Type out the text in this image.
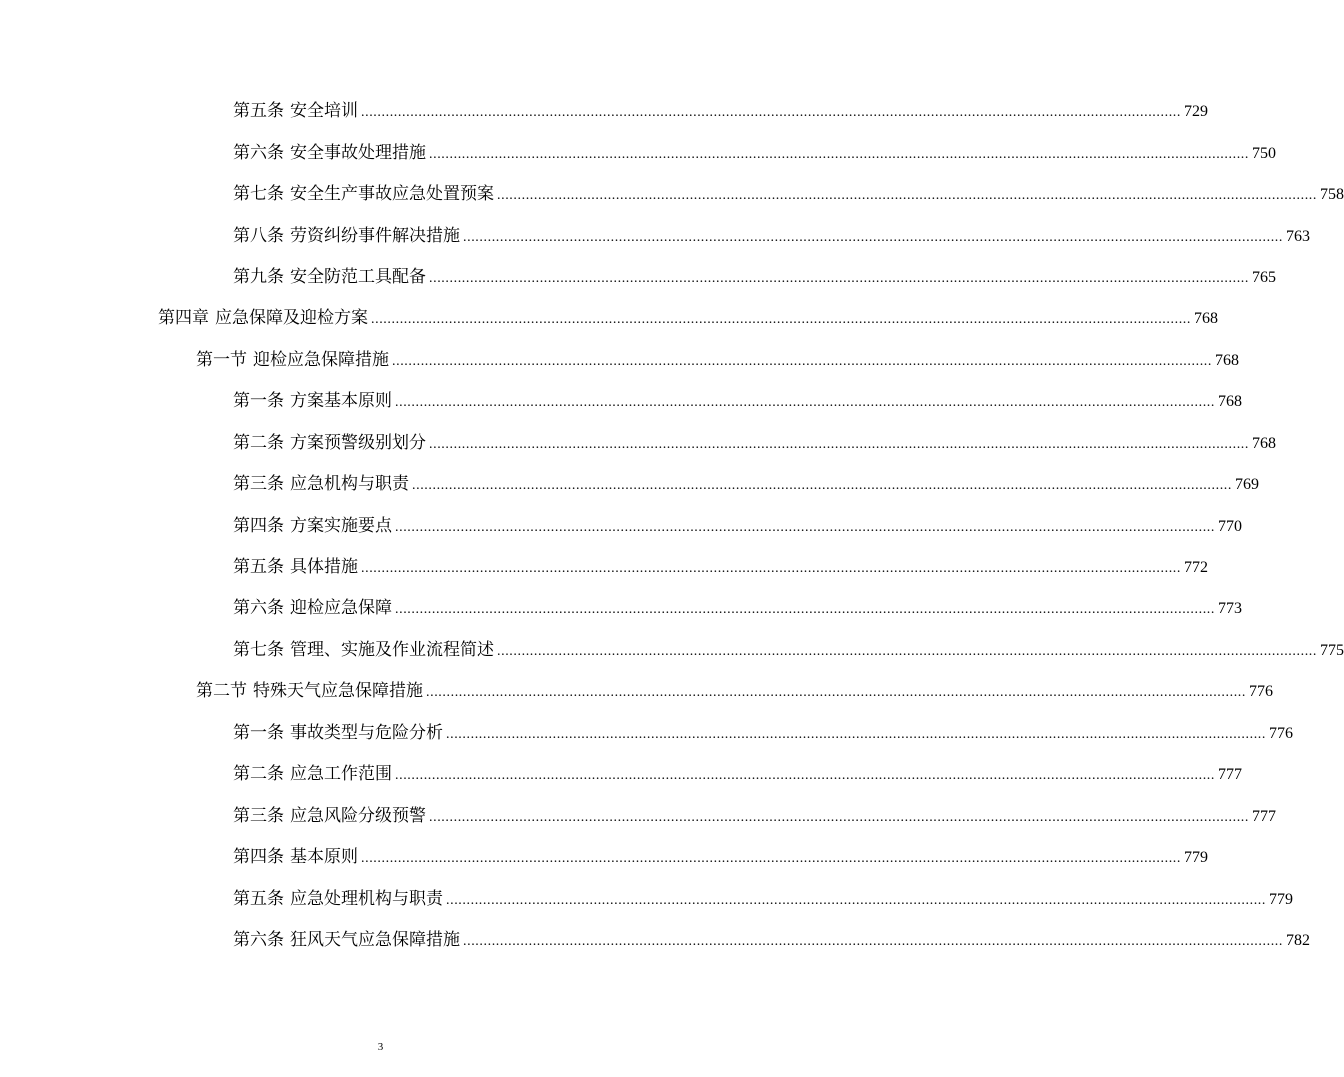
第五条 安全培训 ........................................................................................................................................................................................................ 729
第六条 安全事故处理措施 ........................................................................................................................................................................................................ 750
第七条 安全生产事故应急处置预案 ........................................................................................................................................................................................................ 758
第八条 劳资纠纷事件解决措施 ........................................................................................................................................................................................................ 763
第九条 安全防范工具配备 ........................................................................................................................................................................................................ 765
第四章 应急保障及迎检方案 ........................................................................................................................................................................................................ 768
第一节 迎检应急保障措施 ........................................................................................................................................................................................................ 768
第一条 方案基本原则 ........................................................................................................................................................................................................ 768
第二条 方案预警级别划分 ........................................................................................................................................................................................................ 768
第三条 应急机构与职责 ........................................................................................................................................................................................................ 769
第四条 方案实施要点 ........................................................................................................................................................................................................ 770
第五条 具体措施 ........................................................................................................................................................................................................ 772
第六条 迎检应急保障 ........................................................................................................................................................................................................ 773
第七条 管理、实施及作业流程简述 ........................................................................................................................................................................................................ 775
第二节 特殊天气应急保障措施 ........................................................................................................................................................................................................ 776
第一条 事故类型与危险分析 ........................................................................................................................................................................................................ 776
第二条 应急工作范围 ........................................................................................................................................................................................................ 777
第三条 应急风险分级预警 ........................................................................................................................................................................................................ 777
第四条 基本原则 ........................................................................................................................................................................................................ 779
第五条 应急处理机构与职责 ........................................................................................................................................................................................................ 779
第六条 狂风天气应急保障措施 ........................................................................................................................................................................................................ 782
3
